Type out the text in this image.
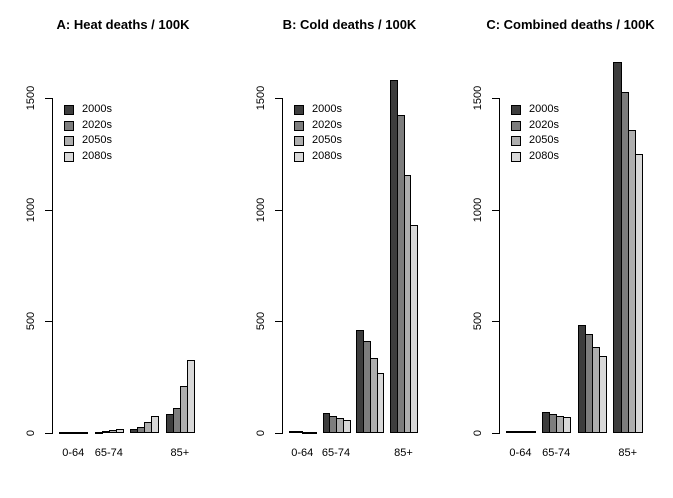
A: Heat deaths / 100K	B: Cold deaths / 100K	C: Combined deaths / 100K
0
500
1000
1500
0-64 65-74	85+
2000s
2020s
2050s
2080s
0
500
1000
1500
0-64 65-74	85+
2000s
2020s
2050s
2080s
0
500
1000
1500
0-64 65-74	85+
2000s
2020s
2050s
2080s
